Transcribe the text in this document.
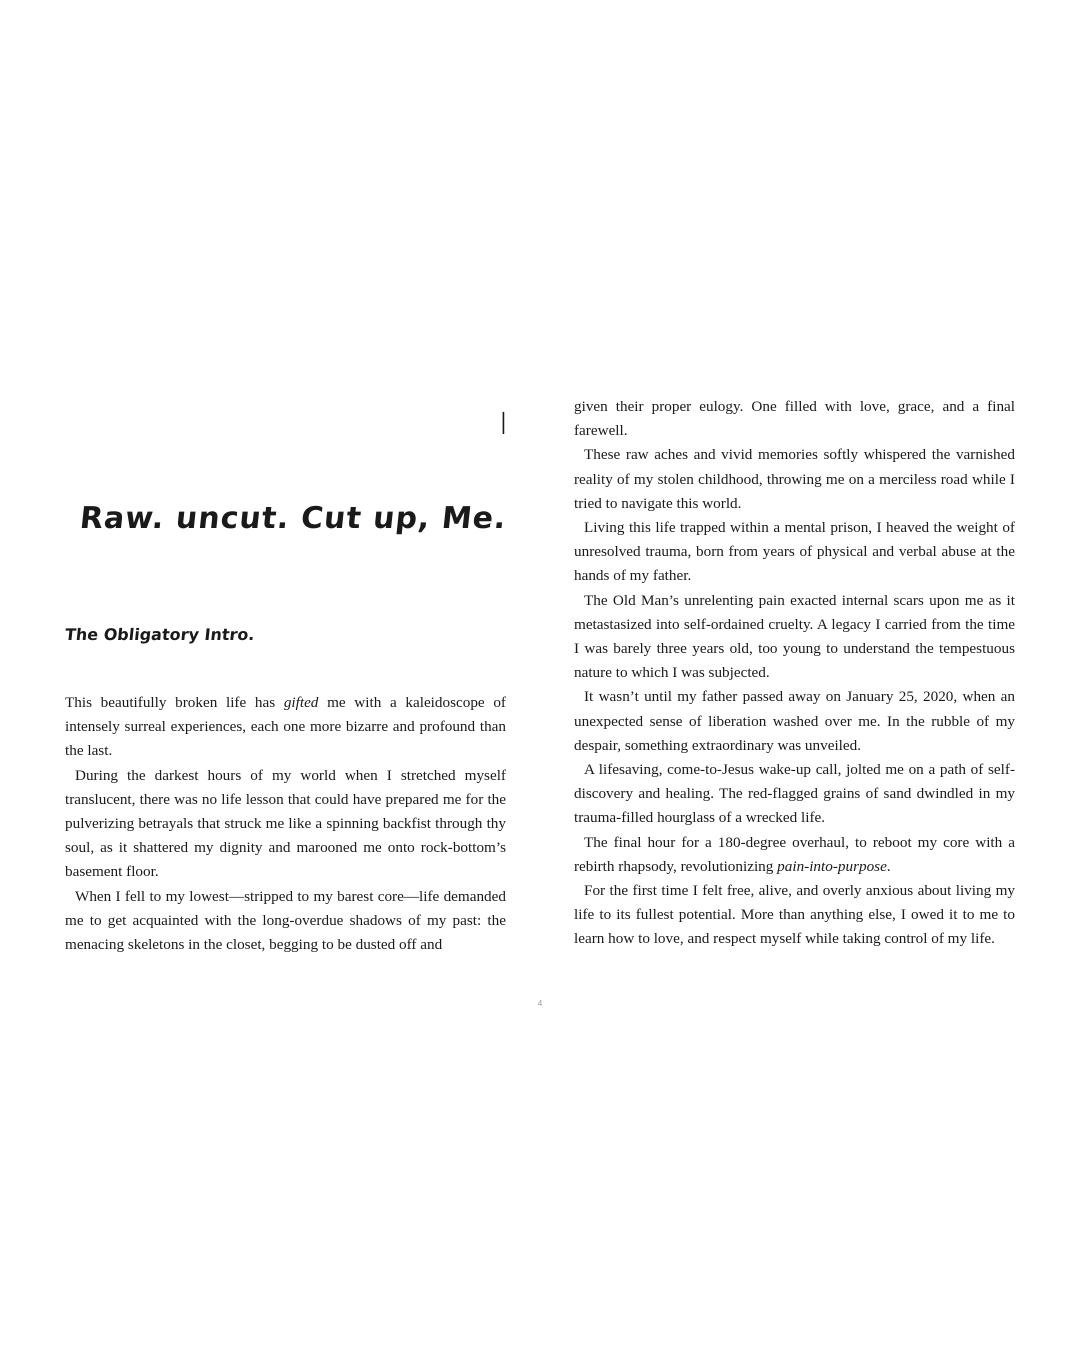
I
Raw. uncut. Cut up, Me.
The Obligatory Intro.

This beautifully broken life has gifted me with a kaleidoscope of intensely surreal experiences, each one more bizarre and profound than the last.

During the darkest hours of my world when I stretched myself translucent, there was no life lesson that could have prepared me for the pulverizing betrayals that struck me like a spinning backfist through thy soul, as it shattered my dignity and marooned me onto rock-bottom’s basement floor.

When I fell to my lowest—stripped to my barest core—life demanded me to get acquainted with the long-overdue shadows of my past: the menacing skeletons in the closet, begging to be dusted off and

given their proper eulogy. One filled with love, grace, and a final farewell.

These raw aches and vivid memories softly whispered the varnished reality of my stolen childhood, throwing me on a merciless road while I tried to navigate this world.

Living this life trapped within a mental prison, I heaved the weight of unresolved trauma, born from years of physical and verbal abuse at the hands of my father.

The Old Man’s unrelenting pain exacted internal scars upon me as it metastasized into self-ordained cruelty. A legacy I carried from the time I was barely three years old, too young to understand the tempestuous nature to which I was subjected.

It wasn’t until my father passed away on January 25, 2020, when an unexpected sense of liberation washed over me. In the rubble of my despair, something extraordinary was unveiled.

A lifesaving, come-to-Jesus wake-up call, jolted me on a path of self-discovery and healing. The red-flagged grains of sand dwindled in my trauma-filled hourglass of a wrecked life.

The final hour for a 180-degree overhaul, to reboot my core with a rebirth rhapsody, revolutionizing pain-into-purpose.

For the first time I felt free, alive, and overly anxious about living my life to its fullest potential. More than anything else, I owed it to me to learn how to love, and respect myself while taking control of my life.

4
